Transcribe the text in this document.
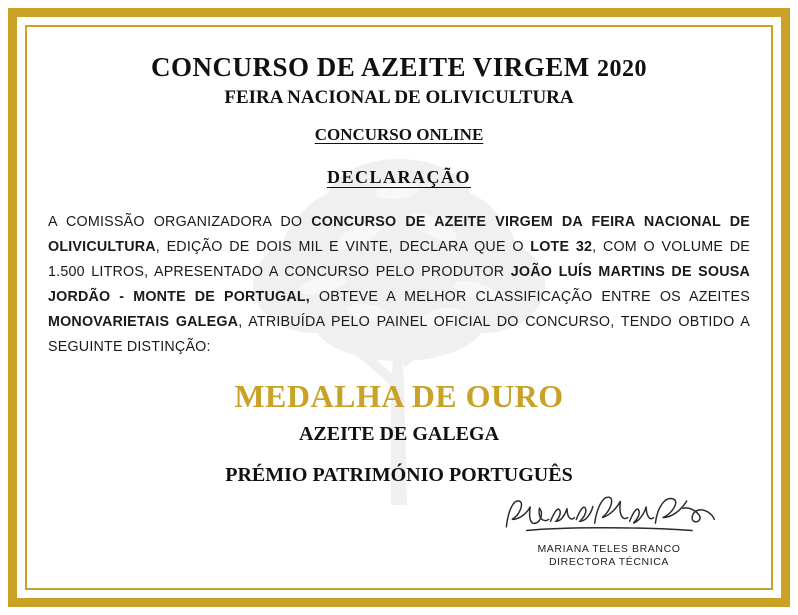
CONCURSO DE AZEITE VIRGEM 2020
FEIRA NACIONAL DE OLIVICULTURA
CONCURSO ONLINE
DECLARAÇÃO
A COMISSÃO ORGANIZADORA DO CONCURSO DE AZEITE VIRGEM DA FEIRA NACIONAL DE OLIVICULTURA, EDIÇÃO DE DOIS MIL E VINTE, DECLARA QUE O LOTE 32, COM O VOLUME DE 1.500 LITROS, APRESENTADO A CONCURSO PELO PRODUTOR JOÃO LUÍS MARTINS DE SOUSA JORDÃO - MONTE DE PORTUGAL, OBTEVE A MELHOR CLASSIFICAÇÃO ENTRE OS AZEITES MONOVARIETAIS GALEGA, ATRIBUÍDA PELO PAINEL OFICIAL DO CONCURSO, TENDO OBTIDO A SEGUINTE DISTINÇÃO:
MEDALHA DE OURO
AZEITE DE GALEGA
PRÉMIO PATRIMÓNIO PORTUGUÊS
MARIANA TELES BRANCO
DIRECTORA TÉCNICA
